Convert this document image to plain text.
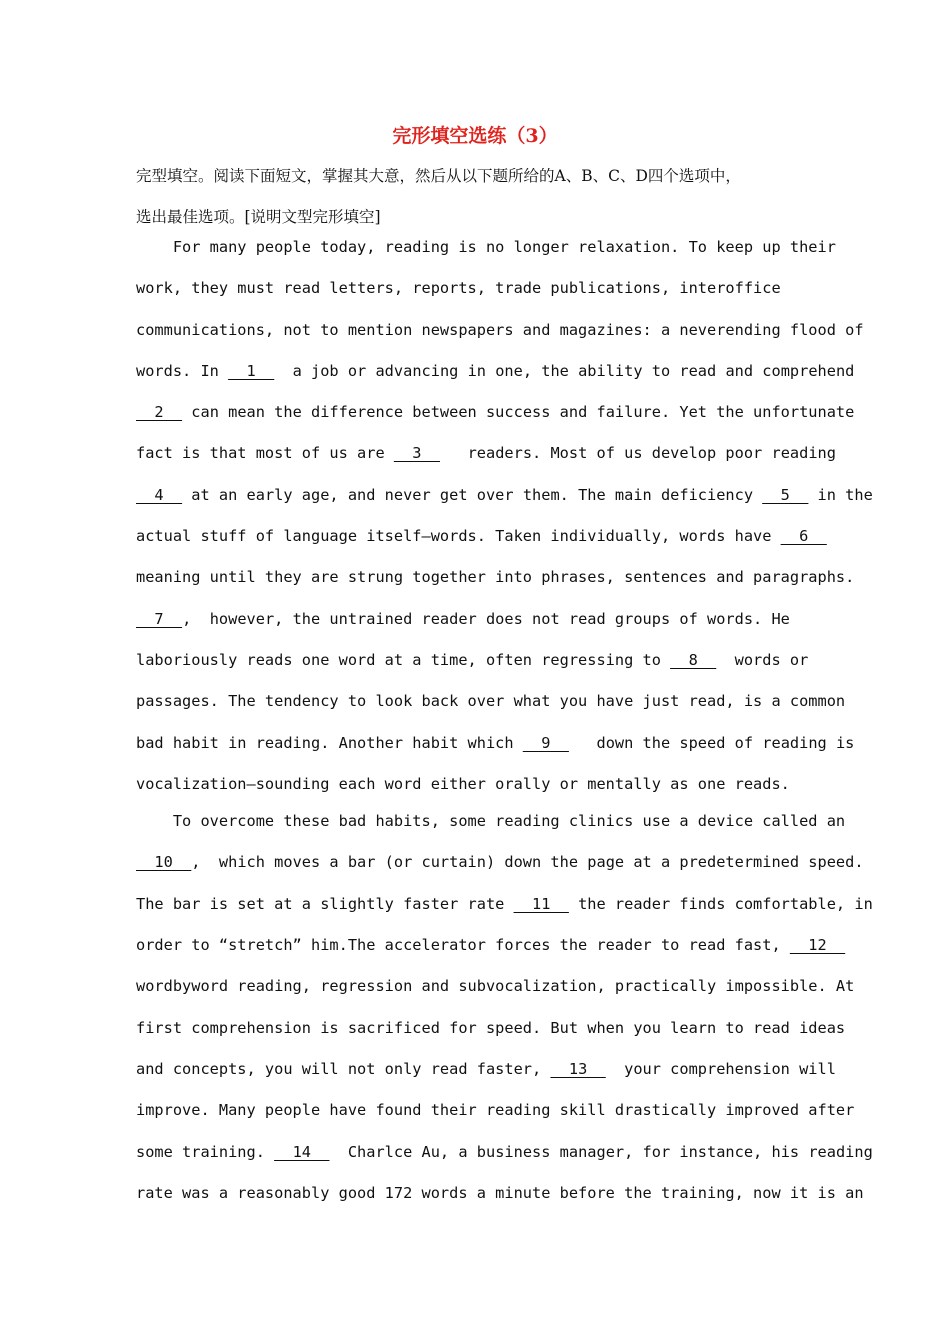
完形填空选练（3）
完型填空。阅读下面短文，掌握其大意，然后从以下题所给的A、B、C、D四个选项中，
选出最佳选项。[说明文型完形填空]
For many people today, reading is no longer relaxation. To keep up their
work, they must read letters, reports, trade publications, interoffice
communications, not to mention newspapers and magazines: a neverending flood of
words. In __1__  a job or advancing in one, the ability to read and comprehend
__2__ can mean the difference between success and failure. Yet the unfortunate
fact is that most of us are __3__   readers. Most of us develop poor reading
__4__ at an early age, and never get over them. The main deficiency __5__ in the
actual stuff of language itself—words. Taken individually, words have __6__
meaning until they are strung together into phrases, sentences and paragraphs.
__7__,  however, the untrained reader does not read groups of words. He
laboriously reads one word at a time, often regressing to __8__  words or
passages. The tendency to look back over what you have just read, is a common
bad habit in reading. Another habit which __9__   down the speed of reading is
vocalization—sounding each word either orally or mentally as one reads.
To overcome these bad habits, some reading clinics use a device called an
__10__,  which moves a bar (or curtain) down the page at a predetermined speed.
The bar is set at a slightly faster rate __11__ the reader finds comfortable, in
order to “stretch” him.The accelerator forces the reader to read fast, __12__
wordbyword reading, regression and subvocalization, practically impossible. At
first comprehension is sacrificed for speed. But when you learn to read ideas
and concepts, you will not only read faster, __13__  your comprehension will
improve. Many people have found their reading skill drastically improved after
some training. __14__  Charlce Au, a business manager, for instance, his reading
rate was a reasonably good 172 words a minute before the training, now it is an
